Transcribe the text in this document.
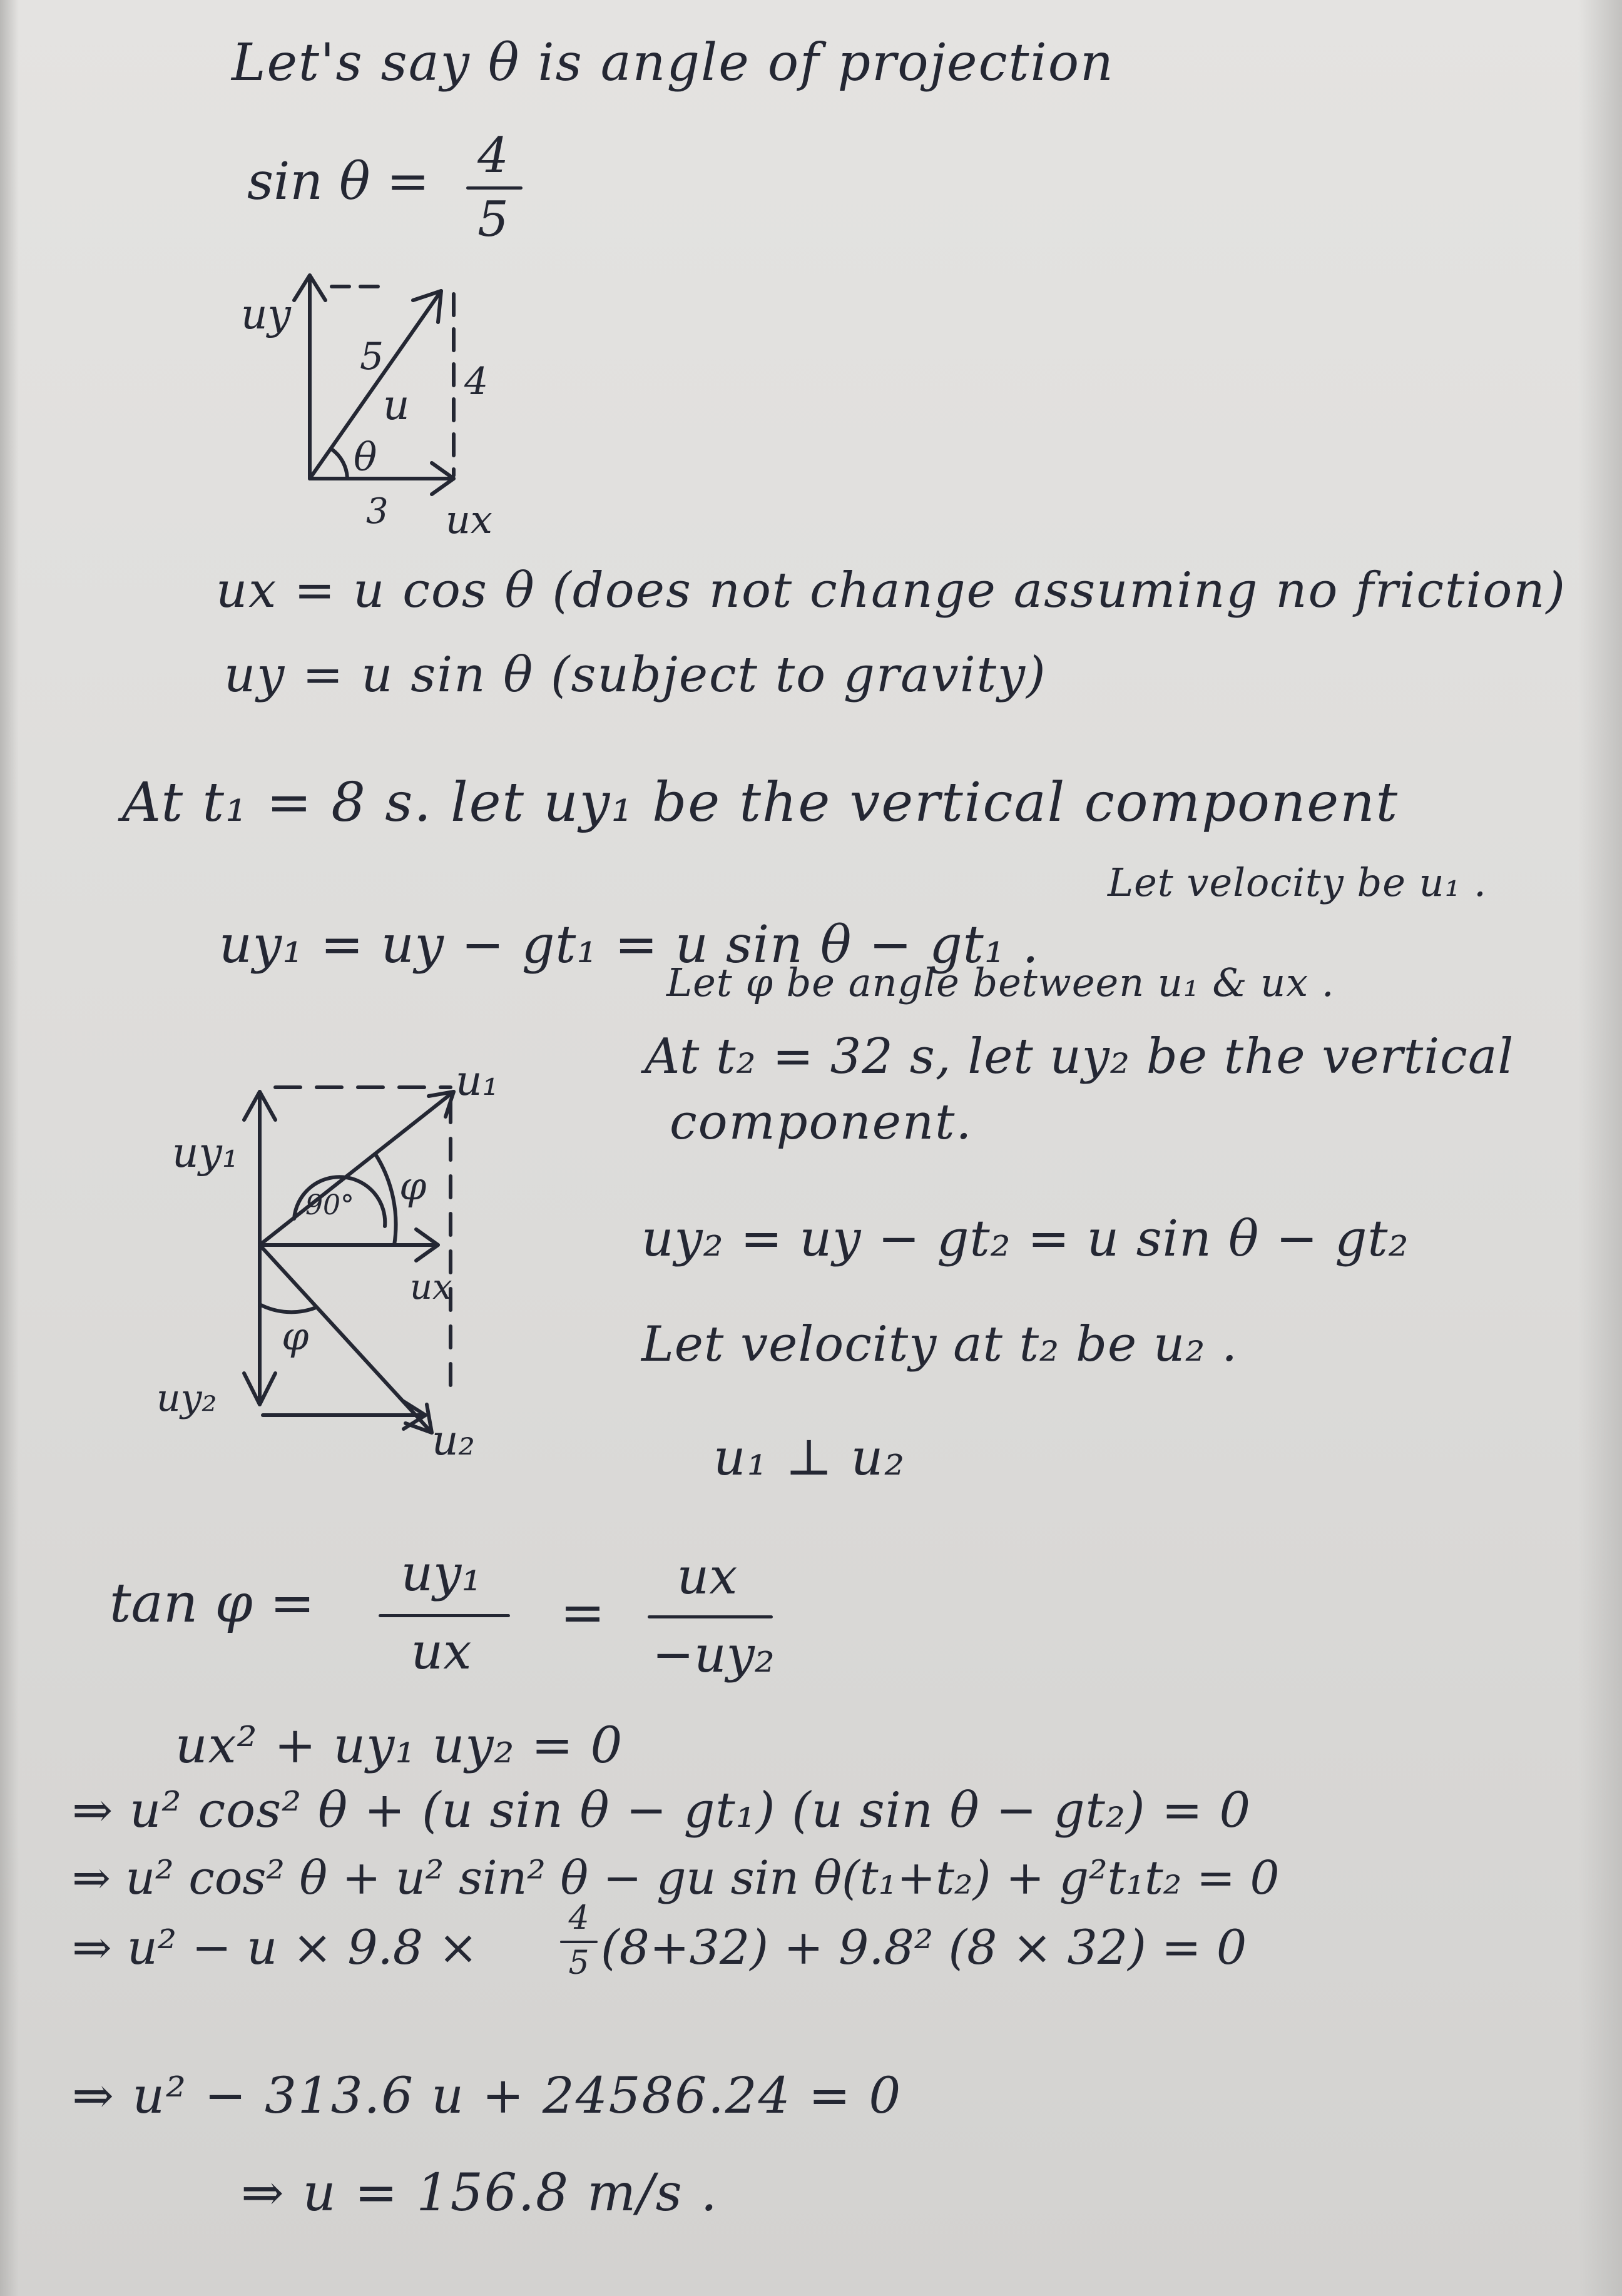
Let's say θ is angle of projection
sin θ = 4
5
uy
5
4
u
θ
3 ux
ux = u cos θ (does not change assuming no friction)
uy = u sin θ (subject to gravity)
At t₁ = 8 s. let uy₁ be the vertical component
uy₁ = uy − gt₁ = u sin θ − gt₁ .
Let velocity be u₁ .
Let φ be angle between u₁ & ux .
At t₂ = 32 s, let uy₂ be the vertical
component.
uy₂ = uy − gt₂ = u sin θ − gt₂
Let velocity at t₂ be u₂ .
u₁ ⊥ u₂
uy₁
u₁
90° φ
ux
φ
uy₂
u₂
tan φ =	uy₁
ux
=
ux
−uy₂
ux² + uy₁ uy₂ = 0
⇒ u² cos² θ + (u sin θ − gt₁) (u sin θ − gt₂) = 0
⇒ u² cos² θ + u² sin² θ − gu sin θ(t₁+t₂) + g²t₁t₂ = 0
⇒ u² − u × 9.8 ×
4
5 (8+32) + 9.8² (8 × 32) = 0
⇒ u² − 313.6 u + 24586.24 = 0
⇒ u = 156.8 m/s .
